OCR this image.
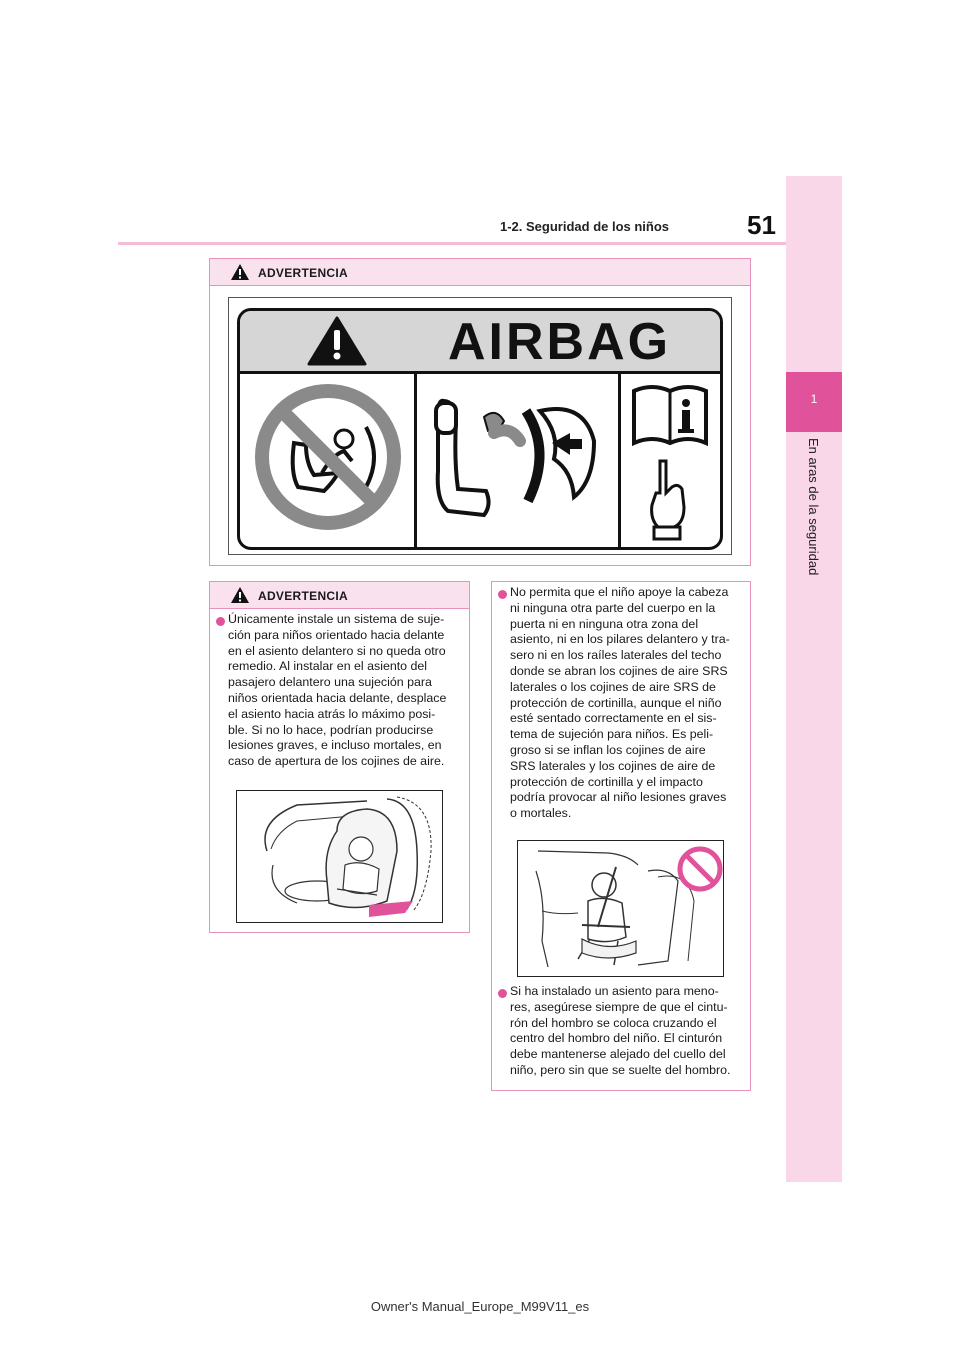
1-2. Seguridad de los niños	51
1
En aras de la seguridad
ADVERTENCIA
AIRBAG
ADVERTENCIA
Únicamente instale un sistema de suje-
ción para niños orientado hacia delante
en el asiento delantero si no queda otro
remedio. Al instalar en el asiento del
pasajero delantero una sujeción para
niños orientada hacia delante, desplace
el asiento hacia atrás lo máximo posi-
ble. Si no lo hace, podrían producirse
lesiones graves, e incluso mortales, en
caso de apertura de los cojines de aire.
No permita que el niño apoye la cabeza
ni ninguna otra parte del cuerpo en la
puerta ni en ninguna otra zona del
asiento, ni en los pilares delantero y tra-
sero ni en los raíles laterales del techo
donde se abran los cojines de aire SRS
laterales o los cojines de aire SRS de
protección de cortinilla, aunque el niño
esté sentado correctamente en el sis-
tema de sujeción para niños. Es peli-
groso si se inflan los cojines de aire
SRS laterales y los cojines de aire de
protección de cortinilla y el impacto
podría provocar al niño lesiones graves
o mortales.
Si ha instalado un asiento para meno-
res, asegúrese siempre de que el cintu-
rón del hombro se coloca cruzando el
centro del hombro del niño. El cinturón
debe mantenerse alejado del cuello del
niño, pero sin que se suelte del hombro.
Owner's Manual_Europe_M99V11_es
